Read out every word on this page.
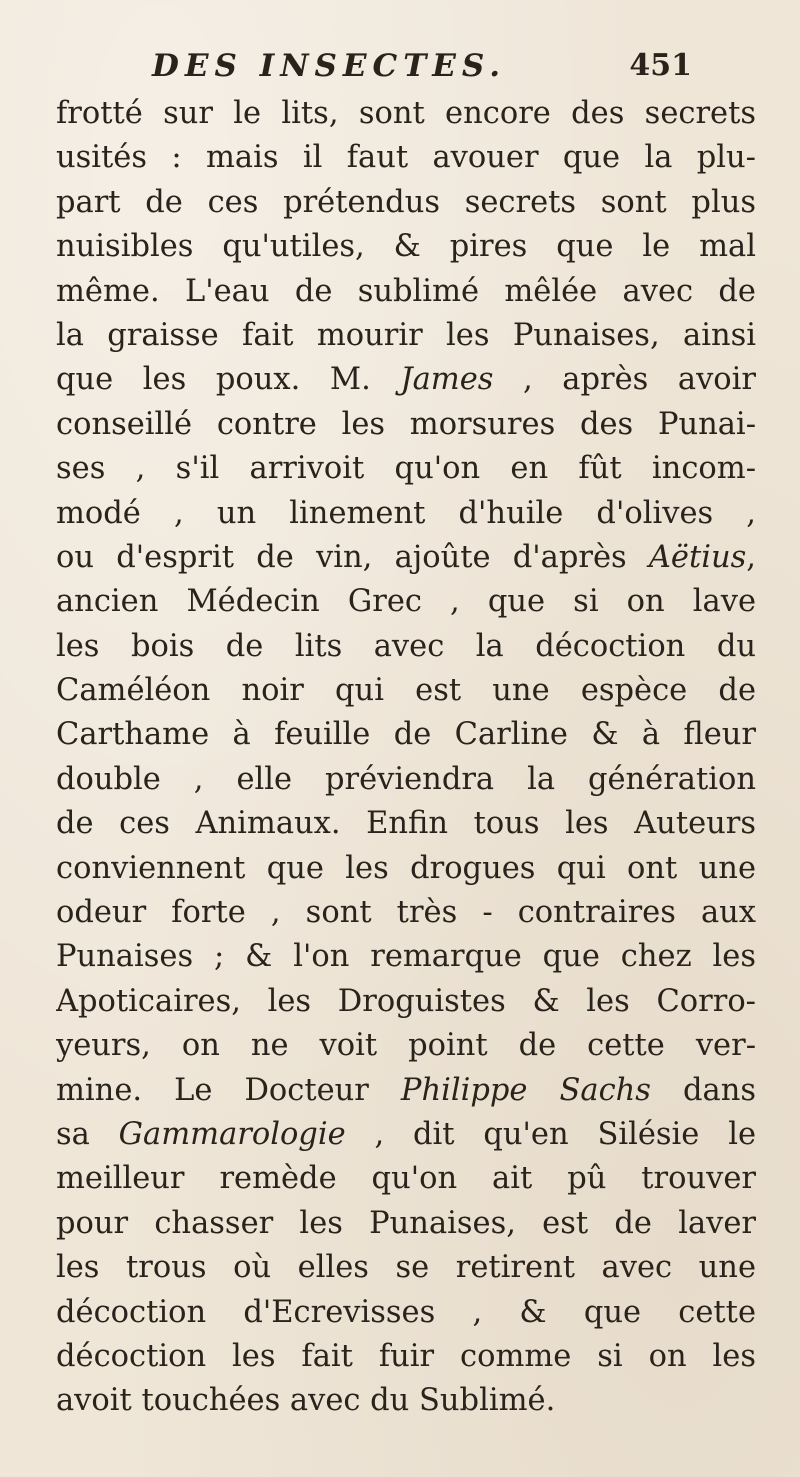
DES INSECTES.	451
frotté sur le lits, sont encore des secrets
usités : mais il faut avouer que la plu-
part de ces prétendus secrets sont plus
nuisibles qu'utiles, & pires que le mal
même. L'eau de sublimé mêlée avec de
la graisse fait mourir les Punaises, ainsi
que les poux. M. James , après avoir
conseillé contre les morsures des Punai-
ses , s'il arrivoit qu'on en fût incom-
modé , un linement d'huile d'olives ,
ou d'esprit de vin, ajoûte d'après Aëtius,
ancien Médecin Grec , que si on lave
les bois de lits avec la décoction du
Caméléon noir qui est une espèce de
Carthame à feuille de Carline & à fleur
double , elle préviendra la génération
de ces Animaux. Enfin tous les Auteurs
conviennent que les drogues qui ont une
odeur forte , sont très - contraires aux
Punaises ; & l'on remarque que chez les
Apoticaires, les Droguistes & les Corro-
yeurs, on ne voit point de cette ver-
mine. Le Docteur Philippe Sachs dans
sa Gammarologie , dit qu'en Silésie le
meilleur remède qu'on ait pû trouver
pour chasser les Punaises, est de laver
les trous où elles se retirent avec une
décoction d'Ecrevisses , & que cette
décoction les fait fuir comme si on les
avoit touchées avec du Sublimé.
